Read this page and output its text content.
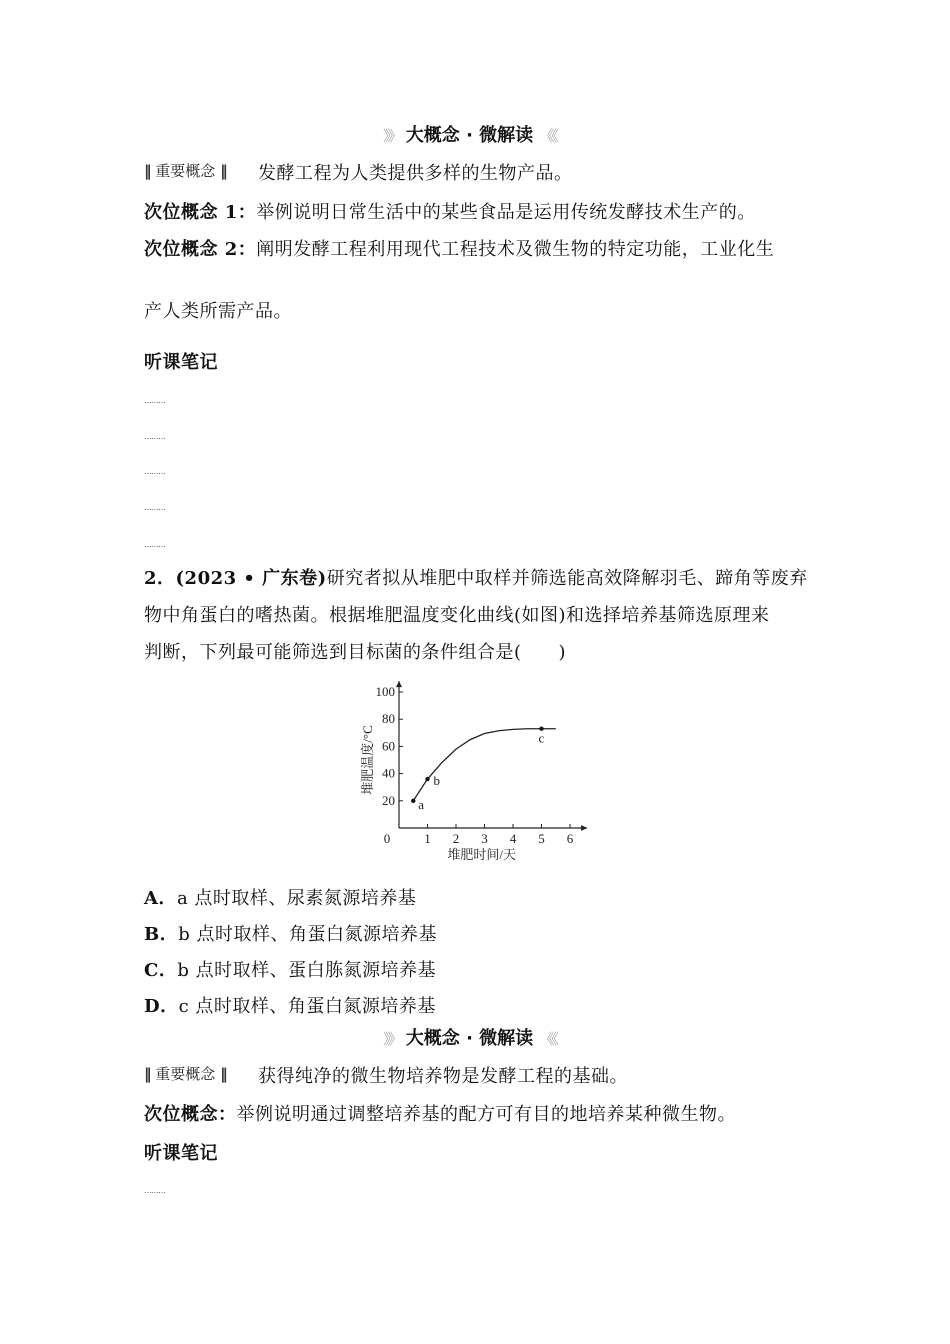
》》 大概念 · 微解读 《《
‖ 重要概念 ‖ 发酵工程为人类提供多样的生物产品。
次位概念 1：举例说明日常生活中的某些食品是运用传统发酵技术生产的。
次位概念 2：阐明发酵工程利用现代工程技术及微生物的特定功能，工业化生
产人类所需产品。
听课笔记
………
………
………
………
………
2．(2023 • 广东卷)研究者拟从堆肥中取样并筛选能高效降解羽毛、蹄角等废弃
物中角蛋白的嗜热菌。根据堆肥温度变化曲线(如图)和选择培养基筛选原理来
判断，下列最可能筛选到目标菌的条件组合是(　　)
0	1 2 3 4 5 6
20
40
60
80
100
堆肥时间/天
堆肥温度/°C
a
b
c
A．a 点时取样、尿素氮源培养基
B．b 点时取样、角蛋白氮源培养基
C．b 点时取样、蛋白胨氮源培养基
D．c 点时取样、角蛋白氮源培养基
》》 大概念 · 微解读 《《
‖ 重要概念 ‖ 获得纯净的微生物培养物是发酵工程的基础。
次位概念：举例说明通过调整培养基的配方可有目的地培养某种微生物。
听课笔记
………
